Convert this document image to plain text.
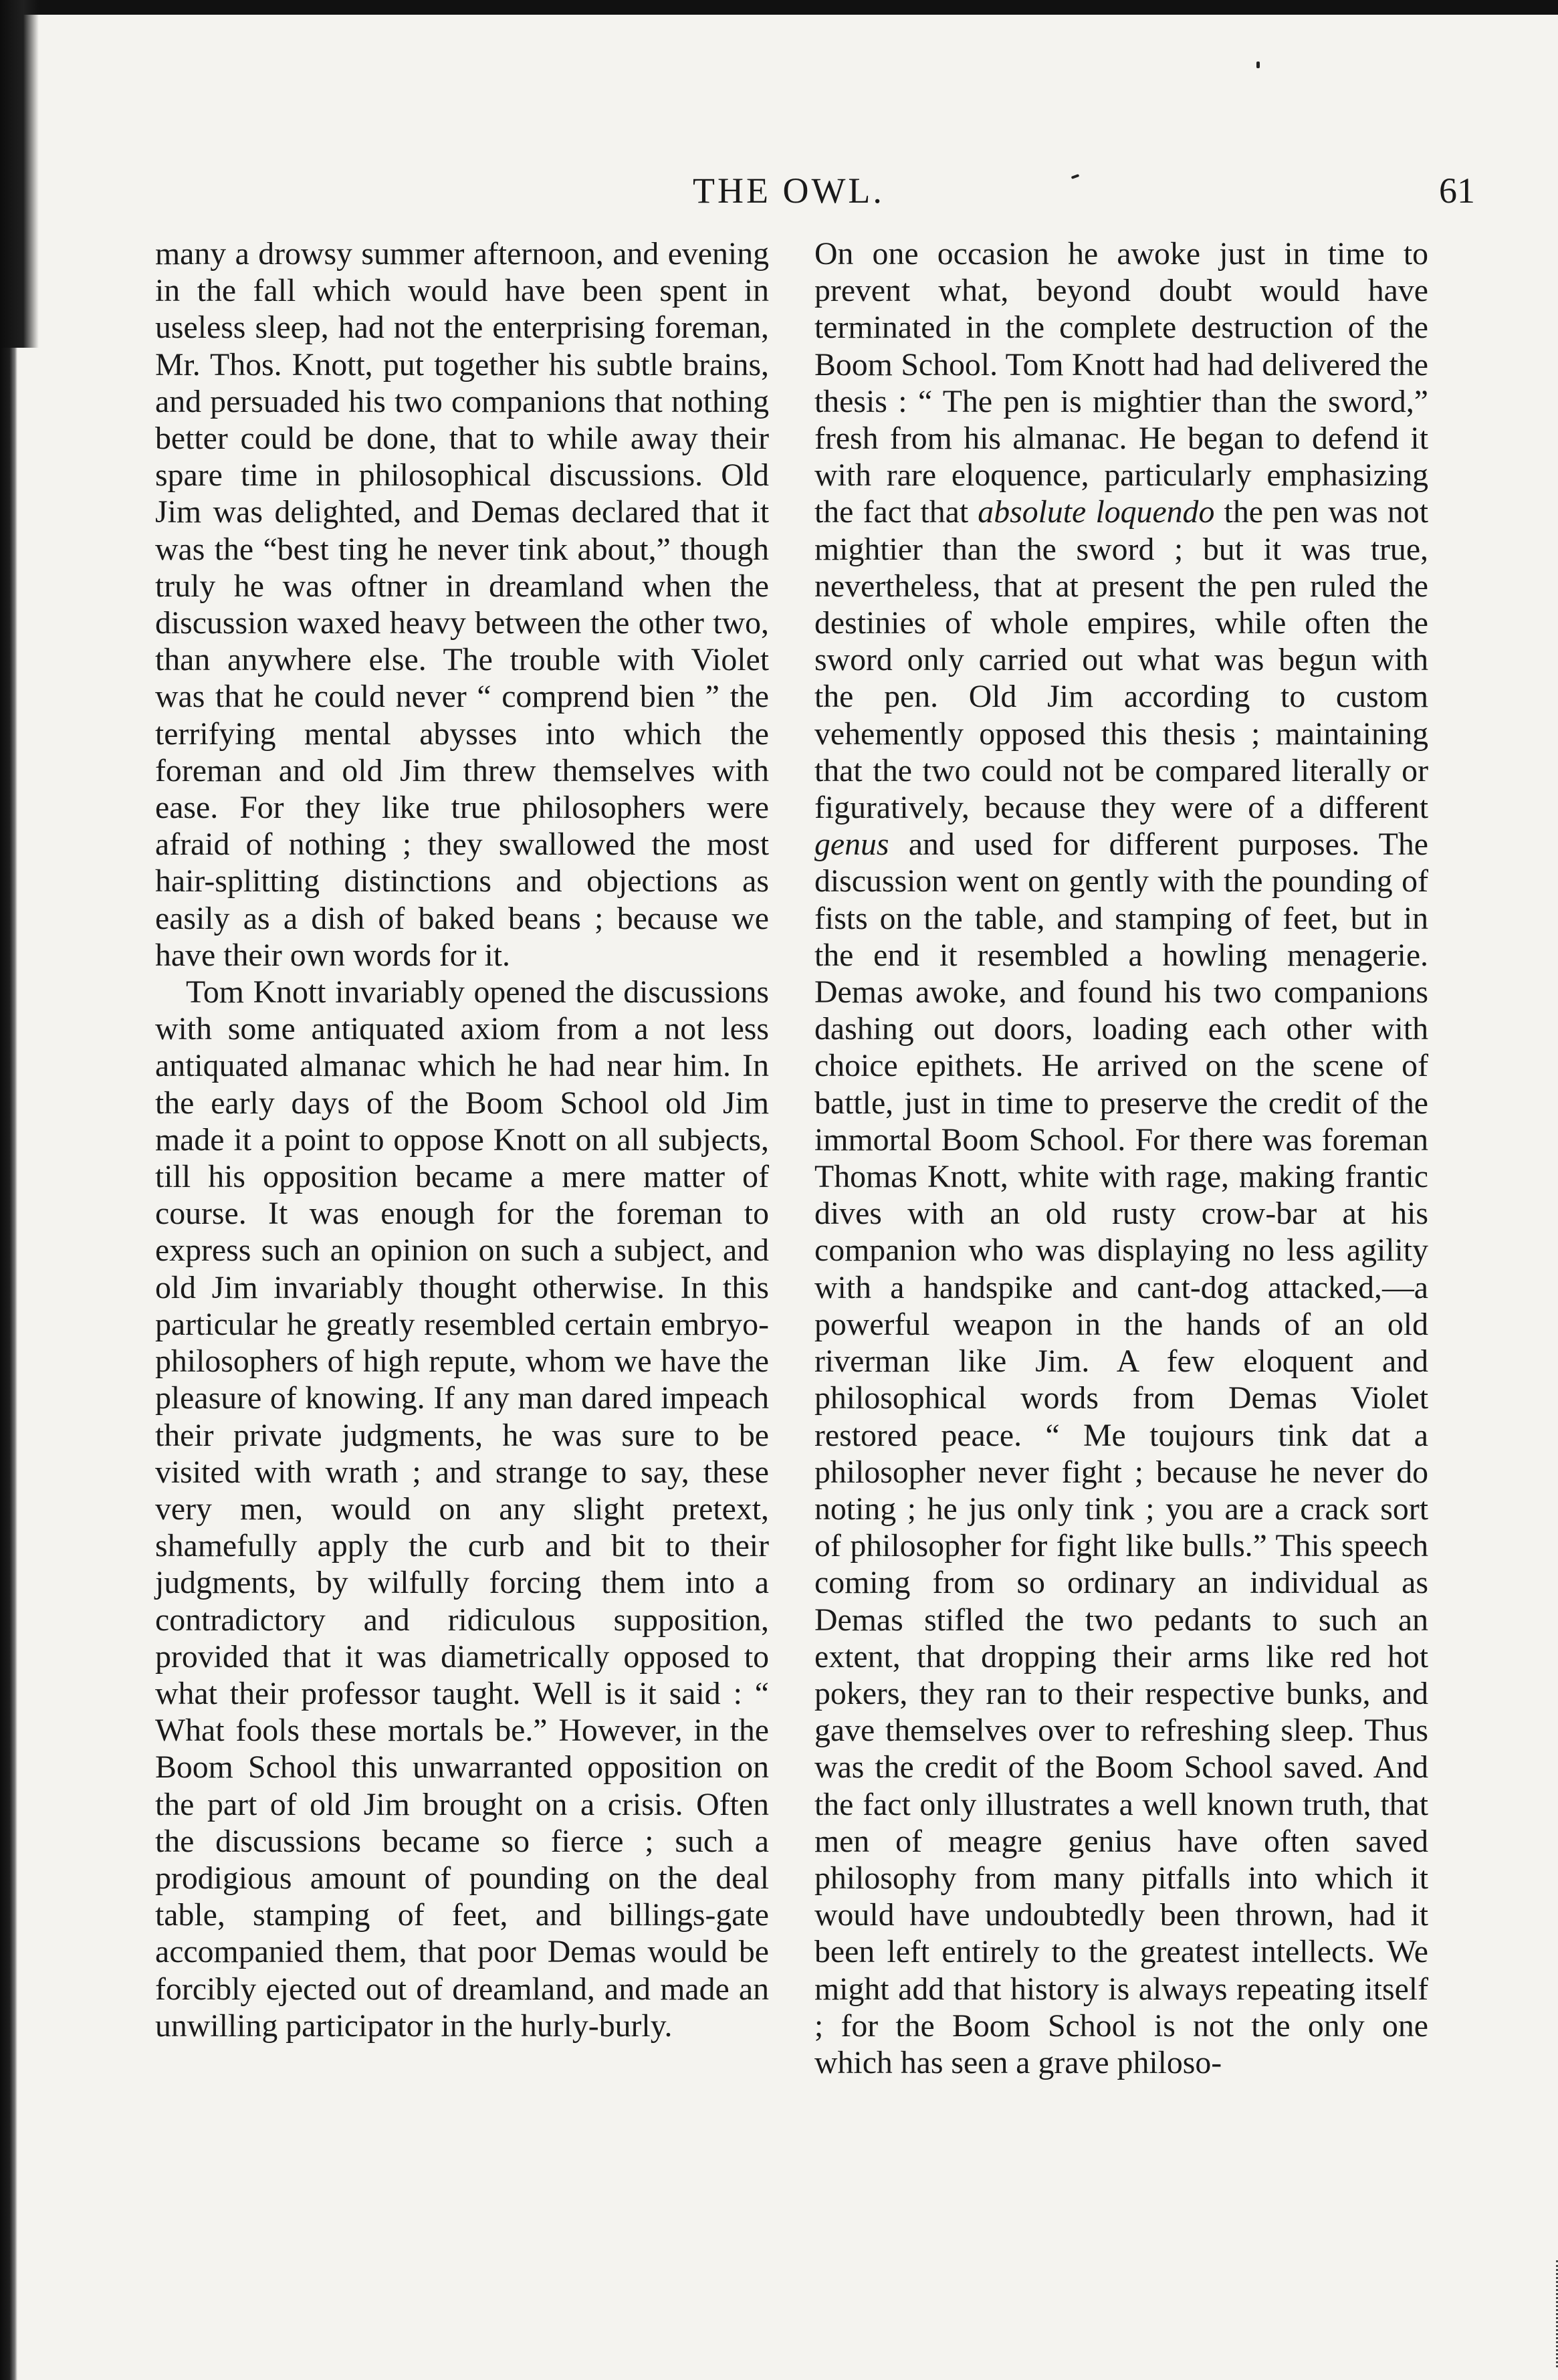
THE OWL.	61

many a drowsy summer afternoon, and evening in the fall which would have been spent in useless sleep, had not the enterprising foreman, Mr. Thos. Knott, put together his subtle brains, and persuaded his two companions that nothing better could be done, that to while away their spare time in philosophical discussions. Old Jim was delighted, and Demas declared that it was the “best ting he never tink about,” though truly he was oftner in dreamland when the discussion waxed heavy between the other two, than anywhere else. The trouble with Violet was that he could never “ comprend bien ” the terrifying mental abysses into which the foreman and old Jim threw themselves with ease. For they like true philosophers were afraid of nothing ; they swallowed the most hair-splitting distinctions and objections as easily as a dish of baked beans ; because we have their own words for it.

Tom Knott invariably opened the discussions with some antiquated axiom from a not less antiquated almanac which he had near him. In the early days of the Boom School old Jim made it a point to oppose Knott on all subjects, till his opposition became a mere matter of course. It was enough for the foreman to express such an opinion on such a subject, and old Jim invariably thought otherwise. In this particular he greatly resembled certain embryo-philosophers of high repute, whom we have the pleasure of knowing. If any man dared impeach their private judgments, he was sure to be visited with wrath ; and strange to say, these very men, would on any slight pretext, shamefully apply the curb and bit to their judgments, by wilfully forcing them into a contradictory and ridiculous supposition, provided that it was diametrically opposed to what their professor taught. Well is it said : “ What fools these mortals be.” However, in the Boom School this unwarranted opposition on the part of old Jim brought on a crisis. Often the discussions became so fierce ; such a prodigious amount of pounding on the deal table, stamping of feet, and billings-gate accompanied them, that poor Demas would be forcibly ejected out of dreamland, and made an unwilling participator in the hurly-burly.

On one occasion he awoke just in time to prevent what, beyond doubt would have terminated in the complete destruction of the Boom School. Tom Knott had had delivered the thesis : “ The pen is mightier than the sword,” fresh from his almanac. He began to defend it with rare eloquence, particularly emphasizing the fact that absolute loquendo the pen was not mightier than the sword ; but it was true, nevertheless, that at present the pen ruled the destinies of whole empires, while often the sword only carried out what was begun with the pen. Old Jim according to custom vehemently opposed this thesis ; maintaining that the two could not be compared literally or figuratively, because they were of a different genus and used for different purposes. The discussion went on gently with the pounding of fists on the table, and stamping of feet, but in the end it resembled a howling menagerie. Demas awoke, and found his two companions dashing out doors, loading each other with choice epithets. He arrived on the scene of battle, just in time to preserve the credit of the immortal Boom School. For there was foreman Thomas Knott, white with rage, making frantic dives with an old rusty crow-bar at his companion who was displaying no less agility with a handspike and cant-dog attacked,—a powerful weapon in the hands of an old riverman like Jim. A few eloquent and philosophical words from Demas Violet restored peace. “ Me toujours tink dat a philosopher never fight ; because he never do noting ; he jus only tink ; you are a crack sort of philosopher for fight like bulls.” This speech coming from so ordinary an individual as Demas stifled the two pedants to such an extent, that dropping their arms like red hot pokers, they ran to their respective bunks, and gave themselves over to refreshing sleep. Thus was the credit of the Boom School saved. And the fact only illustrates a well known truth, that men of meagre genius have often saved philosophy from many pitfalls into which it would have undoubtedly been thrown, had it been left entirely to the greatest intellects. We might add that history is always repeating itself ; for the Boom School is not the only one which has seen a grave philoso-
